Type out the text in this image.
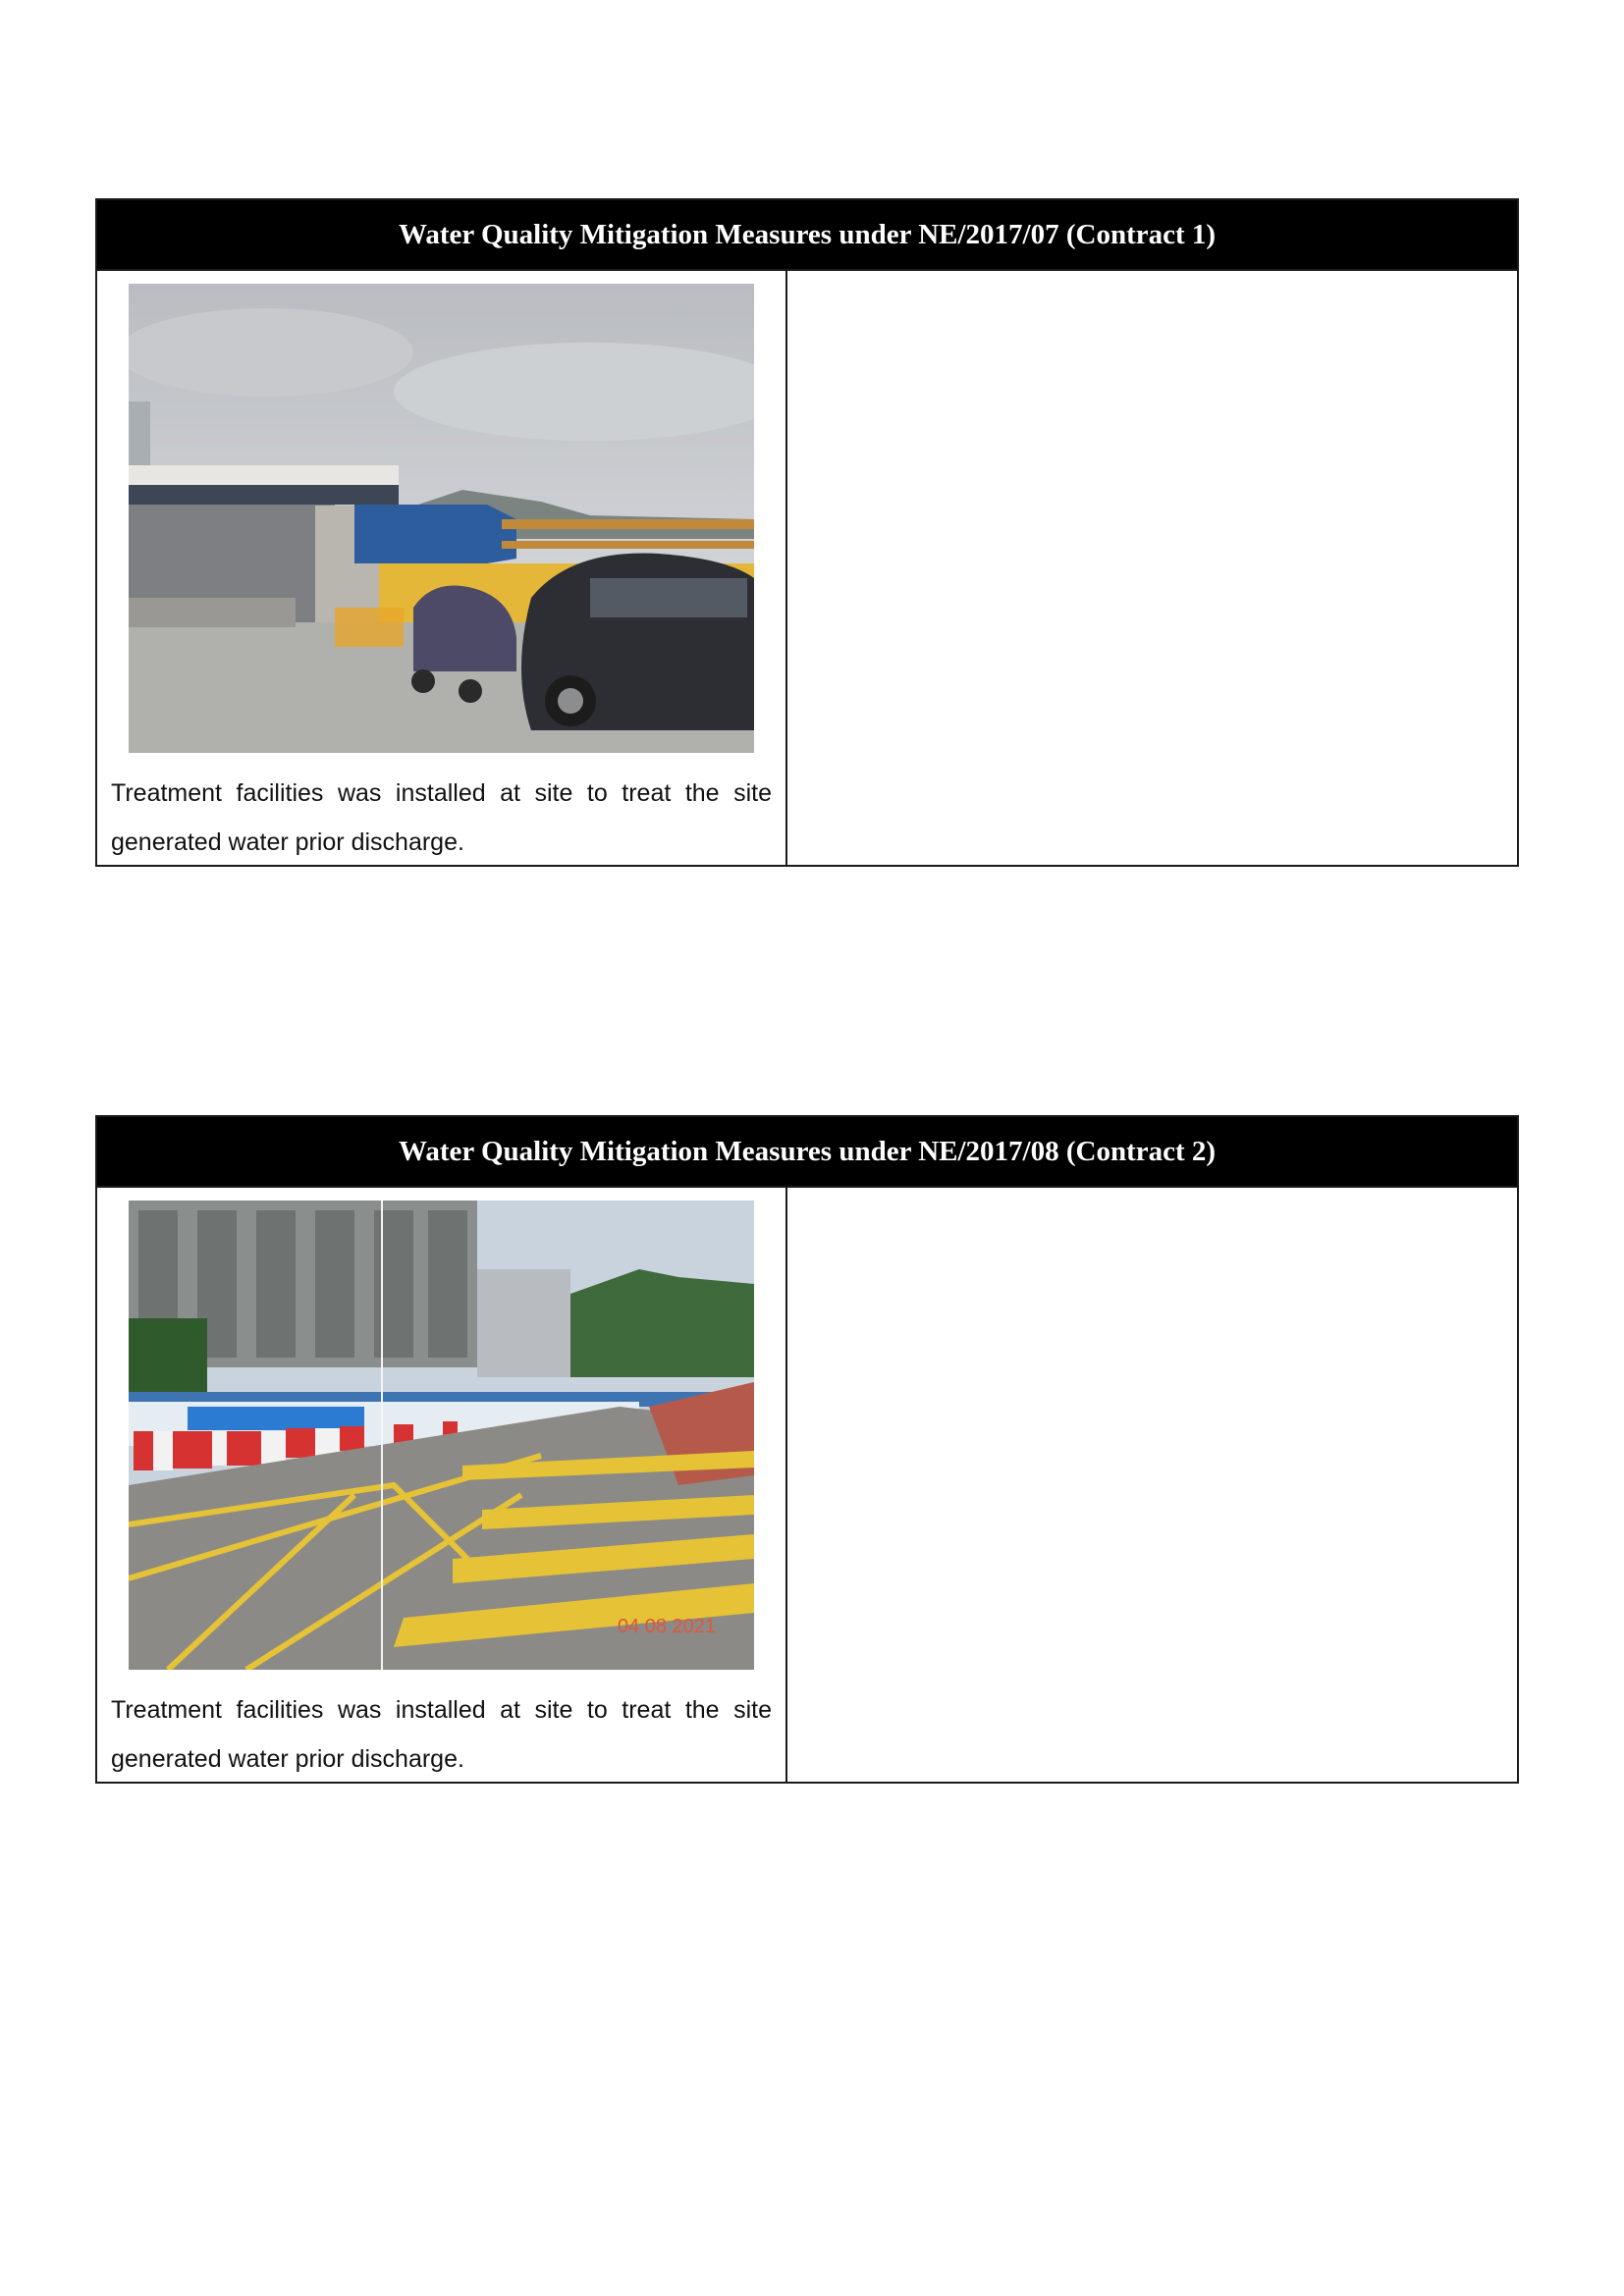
Water Quality Mitigation Measures under NE/2017/07 (Contract 1)
Treatment facilities was installed at site to treat the site generated water prior discharge.
Water Quality Mitigation Measures under NE/2017/08 (Contract 2)
04 08 2021
Treatment facilities was installed at site to treat the site generated water prior discharge.
